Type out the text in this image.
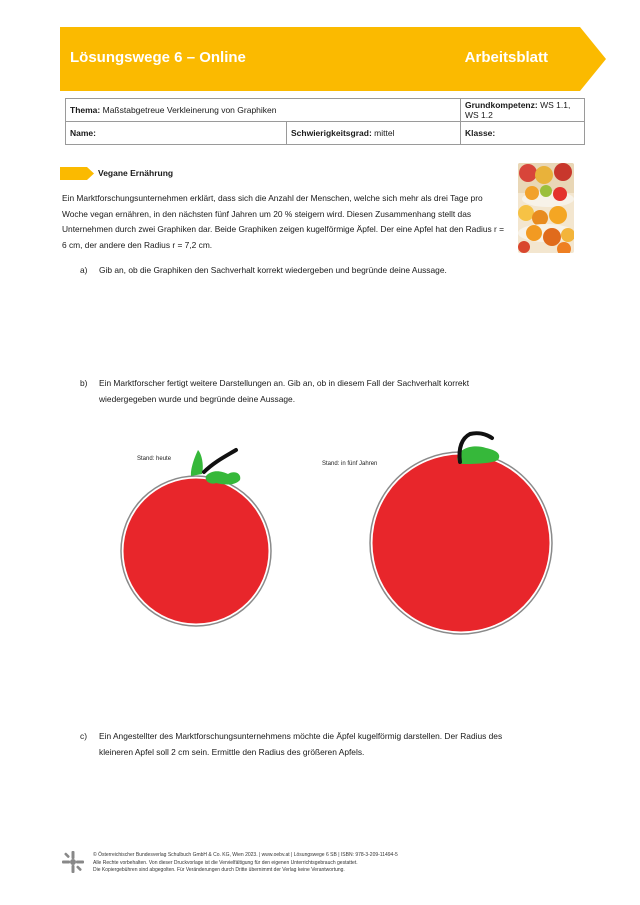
Lösungswege 6 – Online	Arbeitsblatt
Thema: Maßstabgetreue Verkleinerung von Graphiken		Grundkompetenz: WS 1.1, WS 1.2
Name:	Schwierigkeitsgrad: mittel	Klasse:
Vegane Ernährung
Ein Marktforschungsunternehmen erklärt, dass sich die Anzahl der Menschen, welche sich mehr als drei Tage pro Woche vegan ernähren, in den nächsten fünf Jahren um 20 % steigern wird. Diesen Zusammenhang stellt das Unternehmen durch zwei Graphiken dar. Beide Graphiken zeigen kugelförmige Äpfel. Der eine Apfel hat den Radius r = 6 cm, der andere den Radius r = 7,2 cm.
a) Gib an, ob die Graphiken den Sachverhalt korrekt wiedergeben und begründe deine Aussage.
b) Ein Marktforscher fertigt weitere Darstellungen an. Gib an, ob in diesem Fall der Sachverhalt korrekt
wiedergegeben wurde und begründe deine Aussage.
Stand: heute
Stand: in fünf Jahren
c) Ein Angestellter des Marktforschungsunternehmens möchte die Äpfel kugelförmig darstellen. Der Radius des
kleineren Apfel soll 2 cm sein. Ermittle den Radius des größeren Apfels.
© Österreichischer Bundesverlag Schulbuch GmbH & Co. KG, Wien 2023. | www.oebv.at | Lösungswege 6 SB | ISBN: 978-3-209-11494-5
Alle Rechte vorbehalten. Von dieser Druckvorlage ist die Vervielfältigung für den eigenen Unterrichtsgebrauch gestattet.
Die Kopiergebühren sind abgegolten. Für Veränderungen durch Dritte übernimmt der Verlag keine Verantwortung.
